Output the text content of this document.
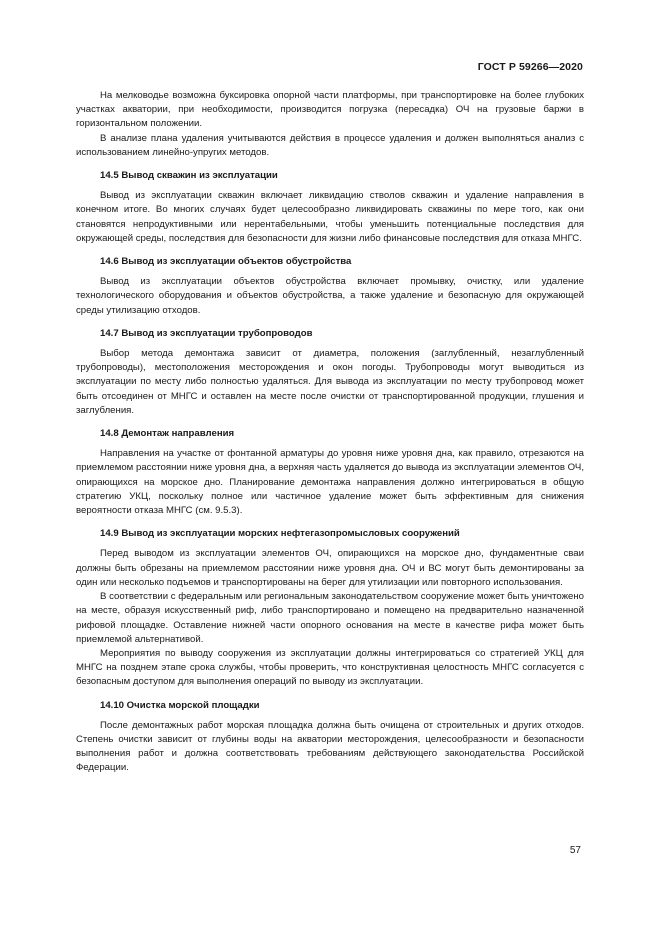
ГОСТ Р 59266—2020

На мелководье возможна буксировка опорной части платформы, при транспортировке на более глубоких участках акватории, при необходимости, производится погрузка (пересадка) ОЧ на грузовые баржи в горизонтальном положении.

В анализе плана удаления учитываются действия в процессе удаления и должен выполняться анализ с использованием линейно-упругих методов.

14.5 Вывод скважин из эксплуатации

Вывод из эксплуатации скважин включает ликвидацию стволов скважин и удаление направления в конечном итоге. Во многих случаях будет целесообразно ликвидировать скважины по мере того, как они становятся непродуктивными или нерентабельными, чтобы уменьшить потенциальные последствия для окружающей среды, последствия для безопасности для жизни либо финансовые последствия для отказа МНГС.

14.6 Вывод из эксплуатации объектов обустройства

Вывод из эксплуатации объектов обустройства включает промывку, очистку, или удаление технологического оборудования и объектов обустройства, а также удаление и безопасную для окружающей среды утилизацию отходов.

14.7 Вывод из эксплуатации трубопроводов

Выбор метода демонтажа зависит от диаметра, положения (заглубленный, незаглубленный трубопроводы), местоположения месторождения и окон погоды. Трубопроводы могут выводиться из эксплуатации по месту либо полностью удаляться. Для вывода из эксплуатации по месту трубопровод может быть отсоединен от МНГС и оставлен на месте после очистки от транспортированной продукции, глушения и заглубления.

14.8 Демонтаж направления

Направления на участке от фонтанной арматуры до уровня ниже уровня дна, как правило, отрезаются на приемлемом расстоянии ниже уровня дна, а верхняя часть удаляется до вывода из эксплуатации элементов ОЧ, опирающихся на морское дно. Планирование демонтажа направления должно интегрироваться в общую стратегию УКЦ, поскольку полное или частичное удаление может быть эффективным для снижения вероятности отказа МНГС (см. 9.5.3).

14.9 Вывод из эксплуатации морских нефтегазопромысловых сооружений

Перед выводом из эксплуатации элементов ОЧ, опирающихся на морское дно, фундаментные сваи должны быть обрезаны на приемлемом расстоянии ниже уровня дна. ОЧ и ВС могут быть демонтированы за один или несколько подъемов и транспортированы на берег для утилизации или повторного использования.

В соответствии с федеральным или региональным законодательством сооружение может быть уничтожено на месте, образуя искусственный риф, либо транспортировано и помещено на предварительно назначенной рифовой площадке. Оставление нижней части опорного основания на месте в качестве рифа может быть приемлемой альтернативой.

Мероприятия по выводу сооружения из эксплуатации должны интегрироваться со стратегией УКЦ для МНГС на позднем этапе срока службы, чтобы проверить, что конструктивная целостность МНГС согласуется с безопасным доступом для выполнения операций по выводу из эксплуатации.

14.10 Очистка морской площадки

После демонтажных работ морская площадка должна быть очищена от строительных и других отходов. Степень очистки зависит от глубины воды на акватории месторождения, целесообразности и безопасности выполнения работ и должна соответствовать требованиям действующего законодательства Российской Федерации.

57
